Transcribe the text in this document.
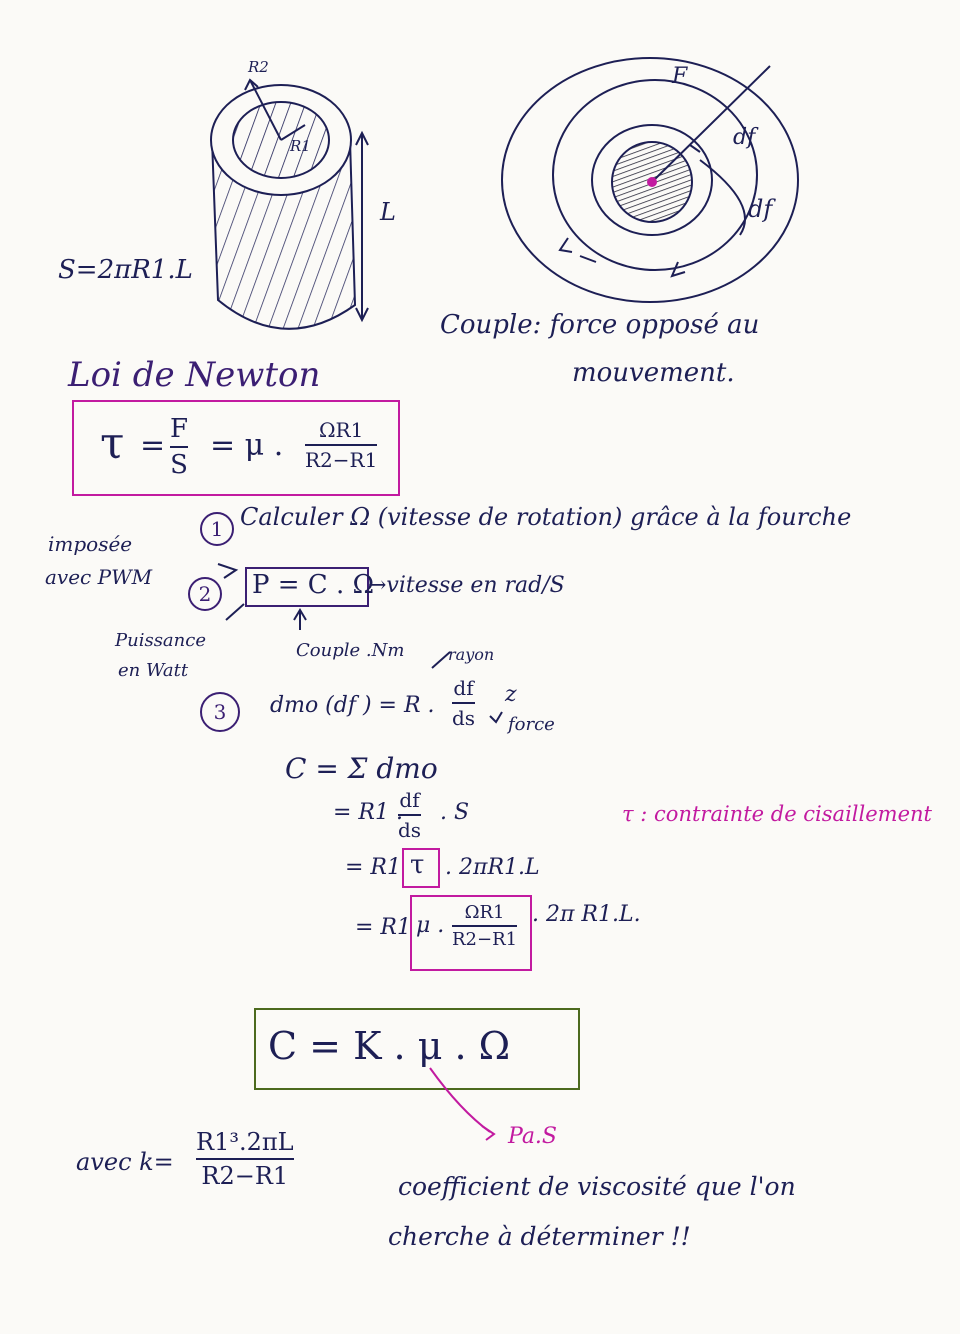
R2
R1
L
S=2πR1.L
F
df
df
Couple: force opposé au
mouvement.
Loi de Newton
τ = F
S
= μ . ΩR1
R2−R1
imposée
avec PWM
1 Calculer Ω (vitesse de rotation) grâce à la fourche
2 P = C . Ω
→vitesse en rad/S
Puissance
en Watt
Couple .Nm
3
rayon
dmo (df ) = R .
df
ds
z
force
C = Σ dmo
= R1 .
df
ds
. S	τ : contrainte de cisaillement
= R1 τ . 2πR1.L
= R1 μ .
ΩR1
R2−R1
. 2π R1.L.
C = K . μ . Ω
Pa.S
avec k=
R1³.2πL
R2−R1	coefficient de viscosité que l'on
cherche à déterminer !!
